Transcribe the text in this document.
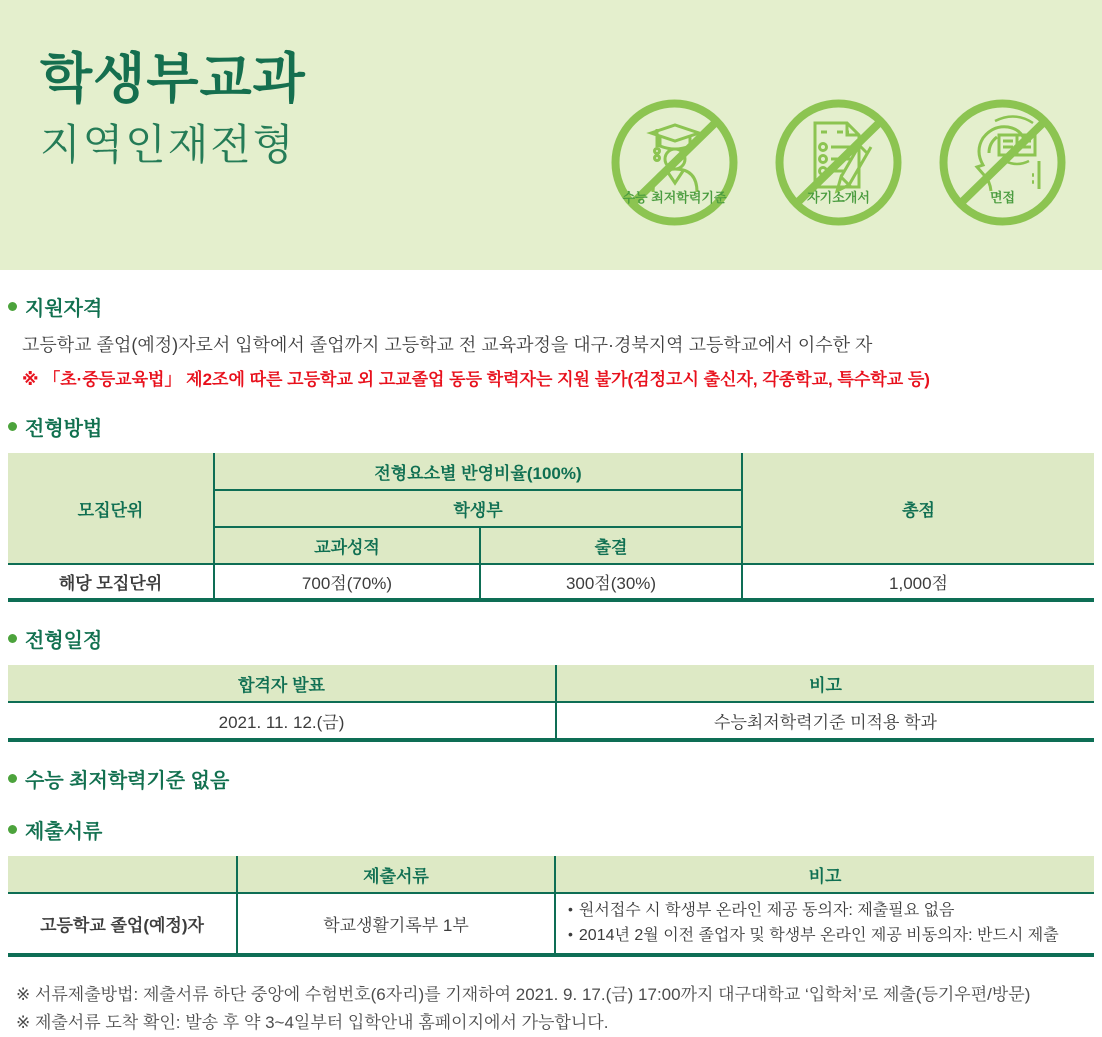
학생부교과
지역인재전형
수능 최저학력기준	자기소개서	면접
지원자격
고등학교 졸업(예정)자로서 입학에서 졸업까지 고등학교 전 교육과정을 대구·경북지역 고등학교에서 이수한 자
※ 「초·중등교육법」 제2조에 따른 고등학교 외 고교졸업 동등 학력자는 지원 불가(검정고시 출신자, 각종학교, 특수학교 등)
전형방법
모집단위	전형요소별 반영비율(100%)		총점
	학생부		
	교과성적	출결	
해당 모집단위	700점(70%)	300점(30%)	1,000점
전형일정
합격자 발표	비고
2021. 11. 12.(금)	수능최저학력기준 미적용 학과
수능 최저학력기준 없음
제출서류
	제출서류	비고
고등학교 졸업(예정)자	학교생활기록부 1부	• 원서접수 시 학생부 온라인 제공 동의자: 제출필요 없음
• 2014년 2월 이전 졸업자 및 학생부 온라인 제공 비동의자: 반드시 제출
※ 서류제출방법: 제출서류 하단 중앙에 수험번호(6자리)를 기재하여 2021. 9. 17.(금) 17:00까지 대구대학교 ‘입학처’로 제출(등기우편/방문)
※ 제출서류 도착 확인: 발송 후 약 3~4일부터 입학안내 홈페이지에서 가능합니다.
